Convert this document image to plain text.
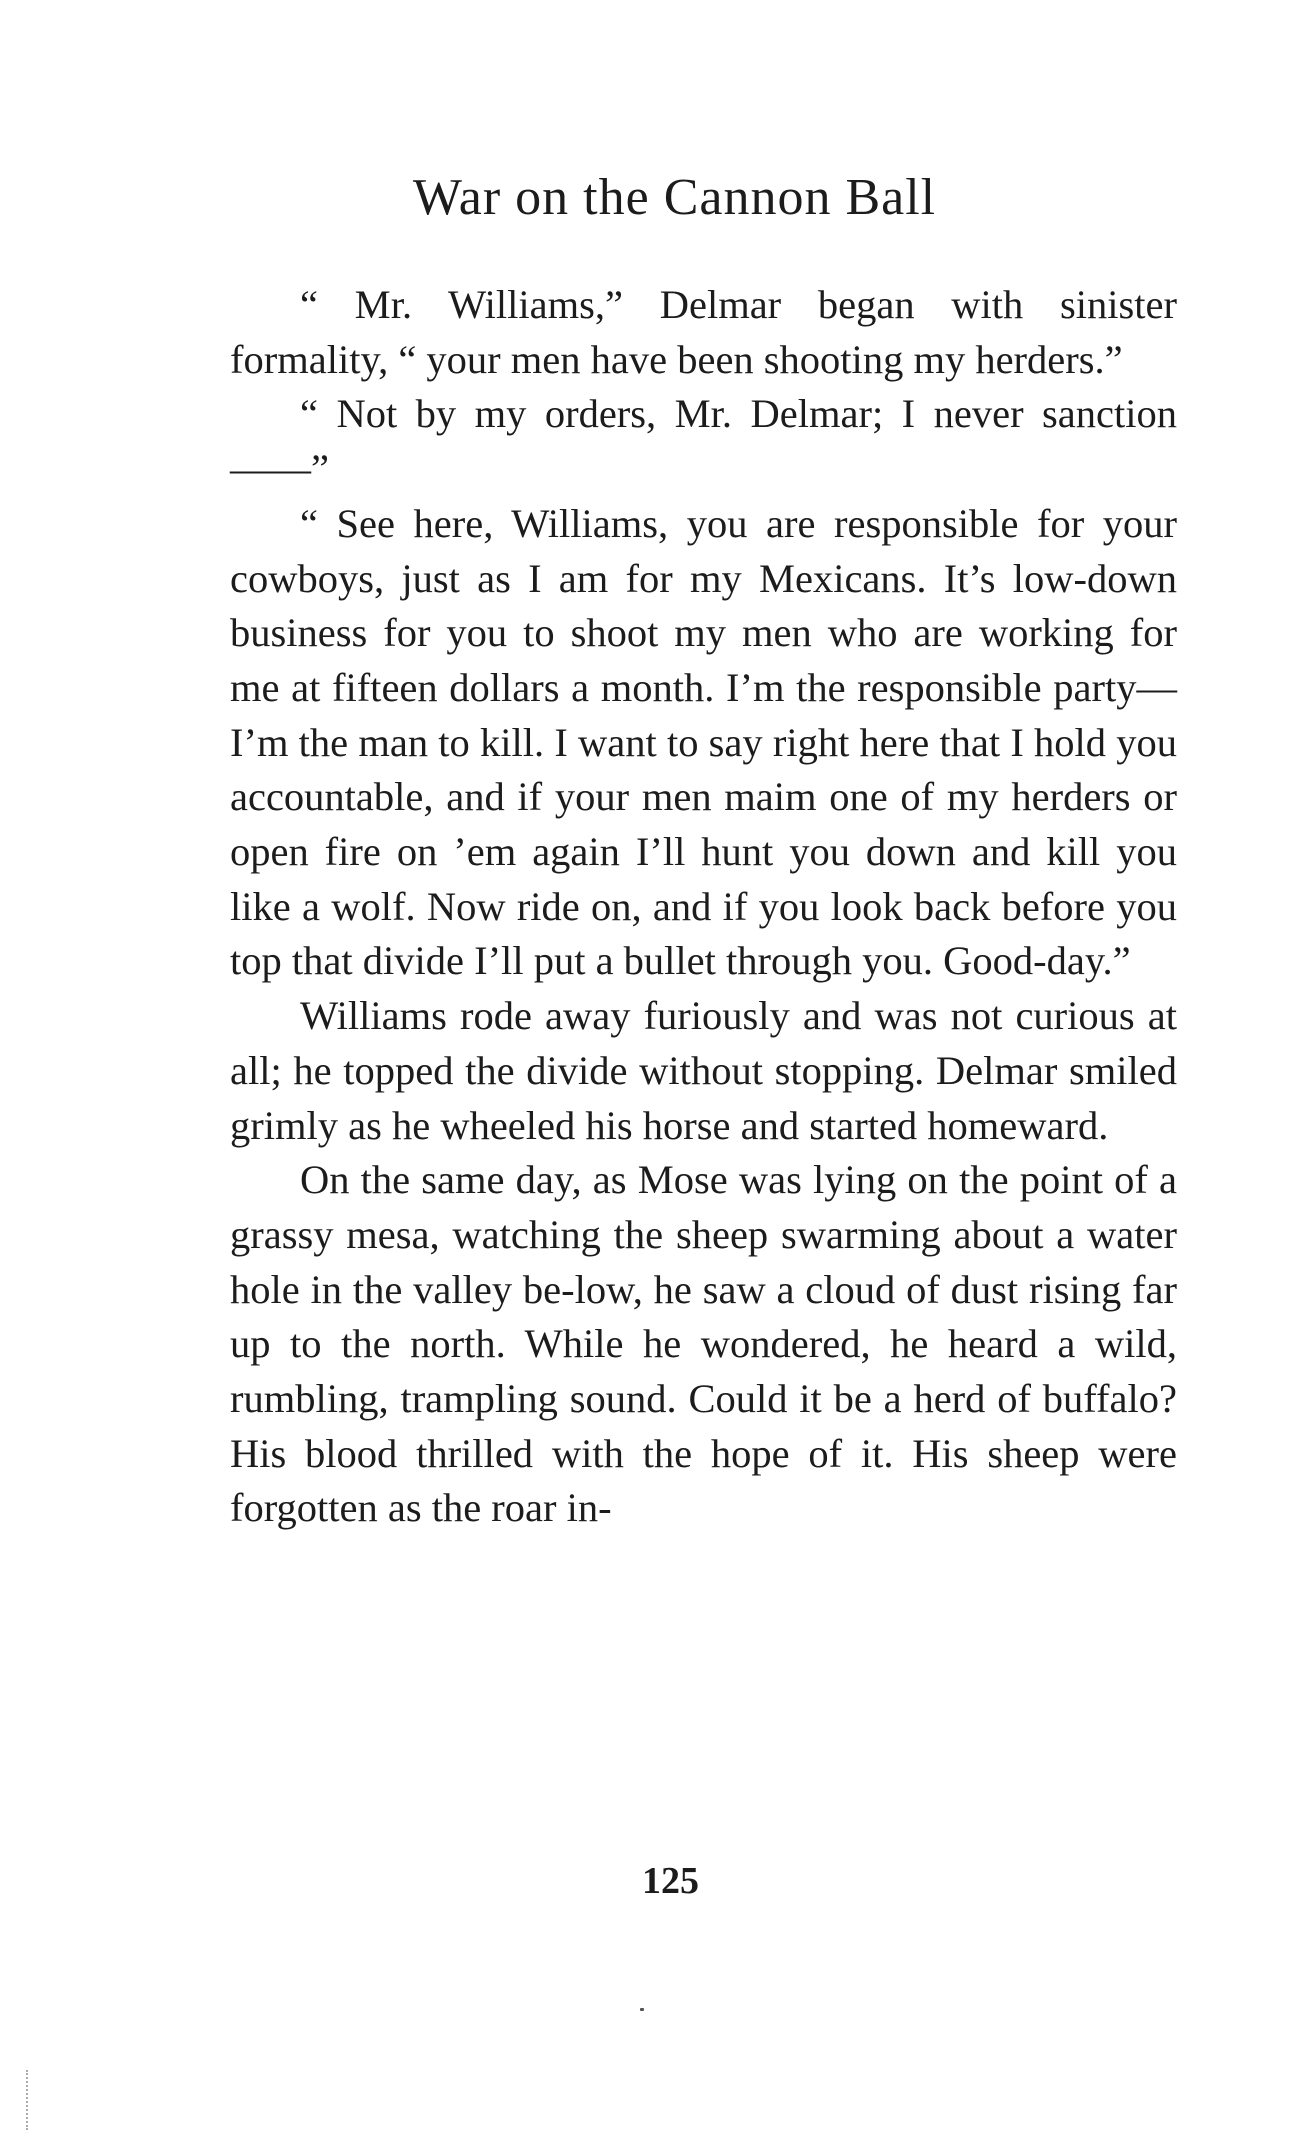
War on the Cannon Ball

“ Mr. Williams,” Delmar began with sinister formality, “ your men have been shooting my herders.”

“ Not by my orders, Mr. Delmar; I never sanction——”

“ See here, Williams, you are responsible for your cowboys, just as I am for my Mexicans. It’s low-down business for you to shoot my men who are working for me at fifteen dollars a month. I’m the responsible party—I’m the man to kill. I want to say right here that I hold you accountable, and if your men maim one of my herders or open fire on ’em again I’ll hunt you down and kill you like a wolf. Now ride on, and if you look back before you top that divide I’ll put a bullet through you. Good-day.”

Williams rode away furiously and was not curious at all; he topped the divide without stopping. Delmar smiled grimly as he wheeled his horse and started homeward.

On the same day, as Mose was lying on the point of a grassy mesa, watching the sheep swarming about a water hole in the valley be-low, he saw a cloud of dust rising far up to the north. While he wondered, he heard a wild, rumbling, trampling sound. Could it be a herd of buffalo? His blood thrilled with the hope of it. His sheep were forgotten as the roar in-

125
